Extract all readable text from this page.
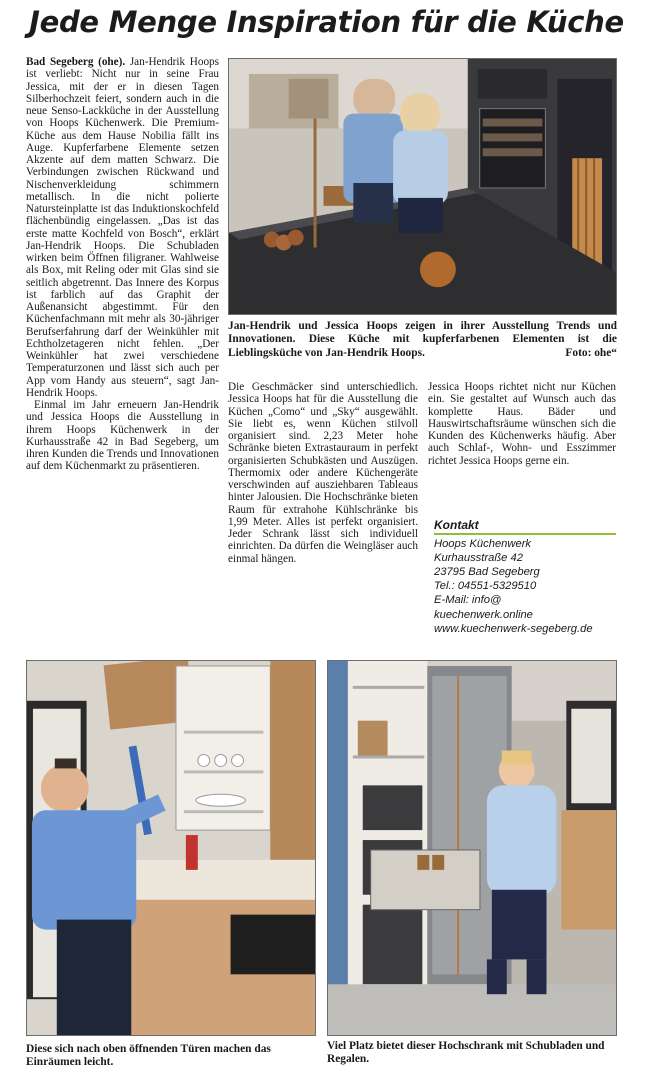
Jede Menge Inspiration für die Küche

Bad Segeberg (ohe). Jan-Hendrik Hoops ist verliebt: Nicht nur in seine Frau Jessica, mit der er in diesen Tagen Silberhochzeit feiert, sondern auch in die neue Senso-Lackküche in der Ausstellung von Hoops Küchenwerk. Die Premium-Küche aus dem Hause Nobilia fällt ins Auge. Kupferfarbene Elemente setzen Akzente auf dem matten Schwarz. Die Verbindungen zwischen Rückwand und Nischenverkleidung schimmern metallisch. In die nicht polierte Natursteinplatte ist das Induktionskochfeld flächenbündig eingelassen. „Das ist das erste matte Kochfeld von Bosch“, erklärt Jan-Hendrik Hoops. Die Schubladen wirken beim Öffnen filigraner. Wahlweise als Box, mit Reling oder mit Glas sind sie seitlich abgetrennt. Das Innere des Korpus ist farblich auf das Graphit der Außenansicht abgestimmt. Für den Küchenfachmann mit mehr als 30-jähriger Berufserfahrung darf der Weinkühler mit Echtholzetageren nicht fehlen. „Der Weinkühler hat zwei verschiedene Temperaturzonen und lässt sich auch per App vom Handy aus steuern“, sagt Jan-Hendrik Hoops.

Einmal im Jahr erneuern Jan-Hendrik und Jessica Hoops die Ausstellung in ihrem Hoops Küchenwerk in der Kurhausstraße 42 in Bad Segeberg, um ihren Kunden die Trends und Innovationen auf dem Küchenmarkt zu präsentieren.

Jan-Hendrik und Jessica Hoops zeigen in ihrer Ausstellung Trends und Innovationen. Diese Küche mit kupferfarbenen Elementen ist die Lieblingsküche von Jan-Hendrik Hoops.	Foto: ohe“

Die Geschmäcker sind unterschiedlich. Jessica Hoops hat für die Ausstellung die Küchen „Como“ und „Sky“ ausgewählt. Sie liebt es, wenn Küchen stilvoll organisiert sind. 2,23 Meter hohe Schränke bieten Extrastauraum in perfekt organisierten Schubkästen und Auszügen. Thermomix oder andere Küchengeräte verschwinden auf ausziehbaren Tableaus hinter Jalousien. Die Hochschränke bieten Raum für extrahohe Kühlschränke bis 1,99 Meter. Alles ist perfekt organisiert. Jeder Schrank lässt sich individuell einrichten. Da dürfen die Weingläser auch einmal hängen.

Jessica Hoops richtet nicht nur Küchen ein. Sie gestaltet auf Wunsch auch das komplette Haus. Bäder und Hauswirtschaftsräume wünschen sich die Kunden des Küchenwerks häufig. Aber auch Schlaf-, Wohn- und Esszimmer richtet Jessica Hoops gerne ein.

Kontakt
Hoops Küchenwerk
Kurhausstraße 42
23795 Bad Segeberg
Tel.: 04551-5329510
E-Mail: info@
kuechenwerk.online
www.kuechenwerk-segeberg.de
Diese sich nach oben öffnenden Türen machen das Einräumen leicht.
Viel Platz bietet dieser Hochschrank mit Schubladen und Regalen.
